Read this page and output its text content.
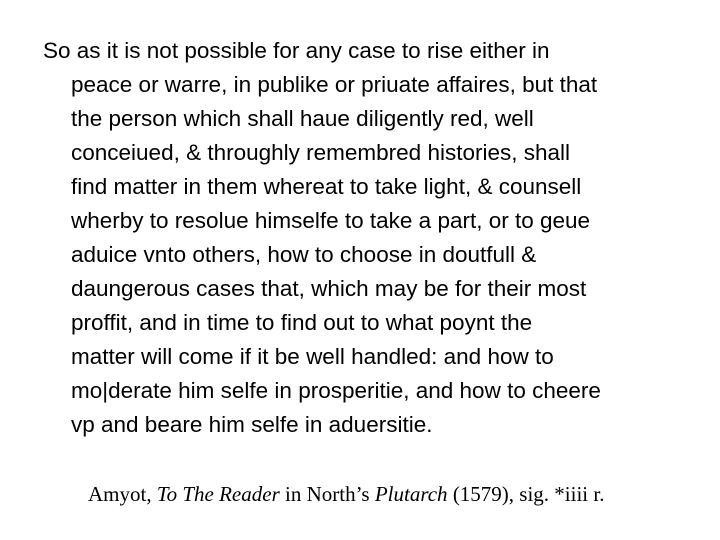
So as it is not possible for any case to rise either in
peace or warre, in publike or priuate affaires, but that
the person which shall haue diligently red, well
conceiued, & throughly remembred histories, shall
find matter in them whereat to take light, & counsell
wherby to resolue himselfe to take a part, or to geue
aduice vnto others, how to choose in doutfull &
daungerous cases that, which may be for their most
proffit, and in time to find out to what poynt the
matter will come if it be well handled: and how to
mo|derate him selfe in prosperitie, and how to cheere
vp and beare him selfe in aduersitie.

Amyot, To The Reader in North’s Plutarch (1579), sig. *iiii r.
